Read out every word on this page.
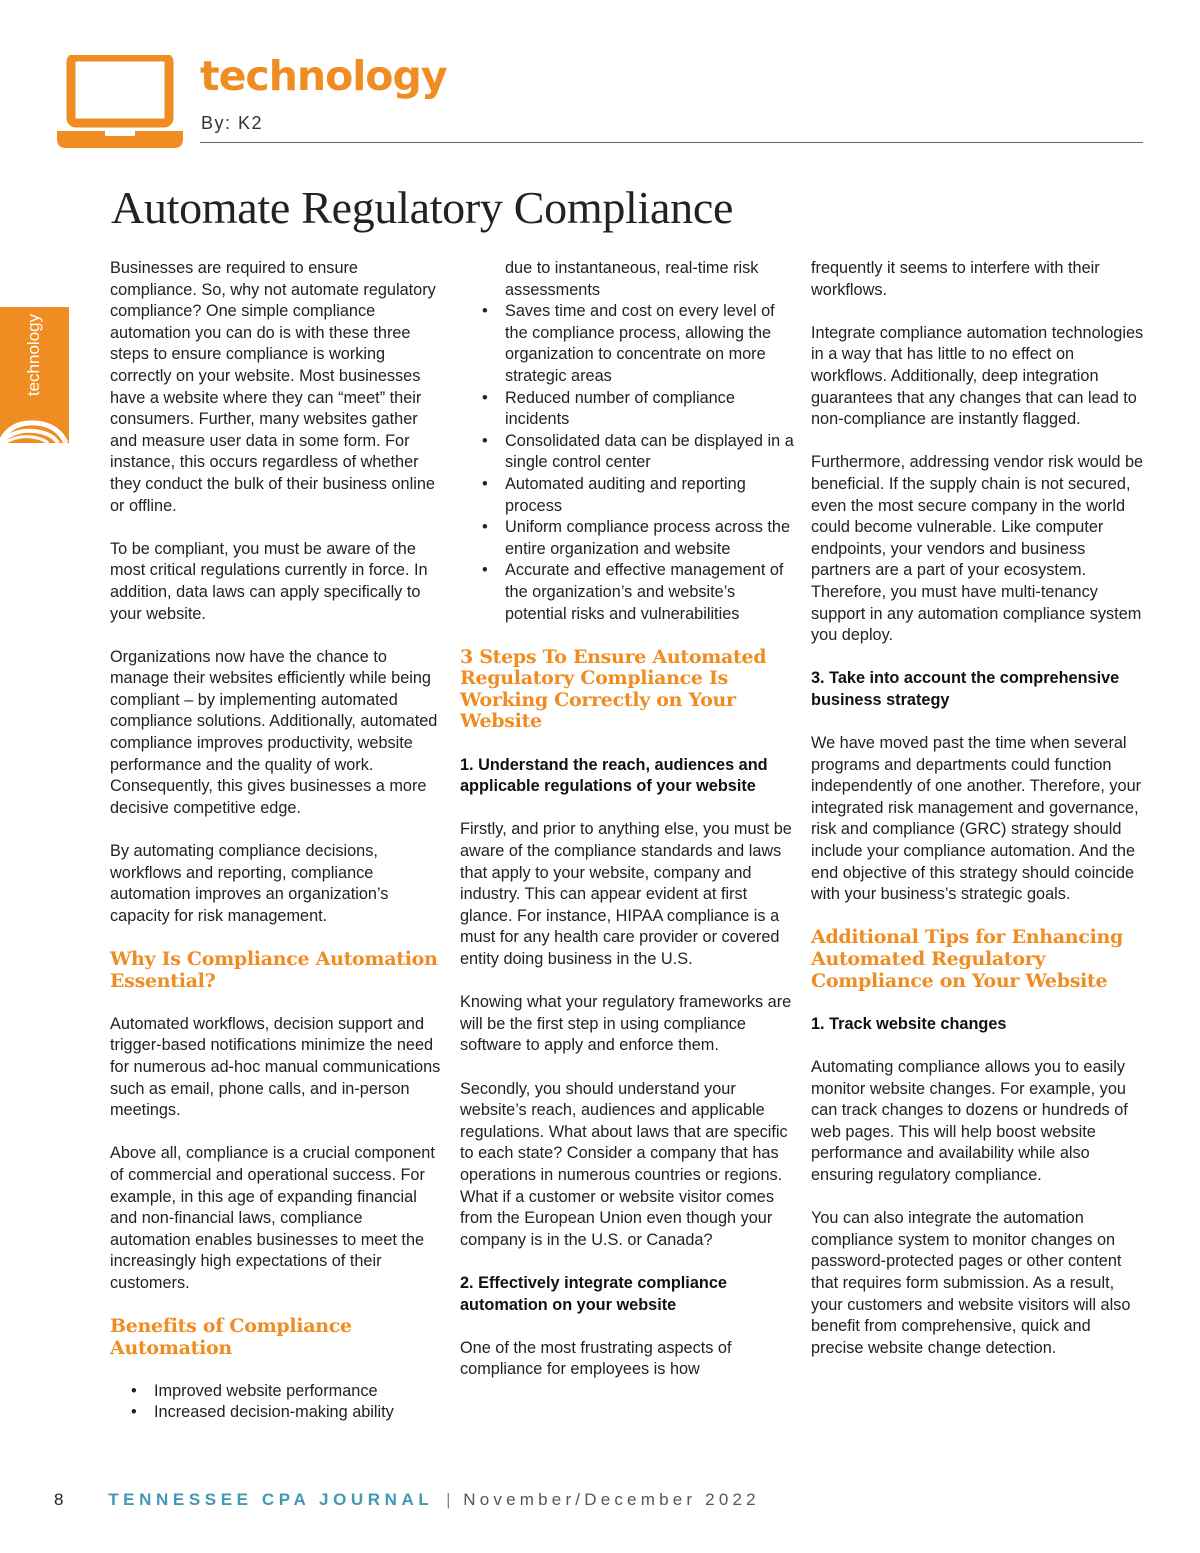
technology
By: K2
technology
Automate Regulatory Compliance

Businesses are required to ensure compliance. So, why not automate regulatory compliance? One simple compliance automation you can do is with these three steps to ensure compliance is working correctly on your website. Most businesses have a website where they can “meet” their consumers. Further, many websites gather and measure user data in some form. For instance, this occurs regardless of whether they conduct the bulk of their business online or offline.

To be compliant, you must be aware of the most critical regulations currently in force. In addition, data laws can apply specifically to your website.

Organizations now have the chance to manage their websites efficiently while being compliant – by implementing automated compliance solutions. Additionally, automated compliance improves productivity, website performance and the quality of work. Consequently, this gives businesses a more decisive competitive edge.

By automating compliance decisions, workflows and reporting, compliance automation improves an organization’s capacity for risk management.

Why Is Compliance Automation Essential?

Automated workflows, decision support and trigger-based notifications minimize the need for numerous ad-hoc manual communications such as email, phone calls, and in-person meetings.

Above all, compliance is a crucial component of commercial and operational success. For example, in this age of expanding financial and non-financial laws, compliance automation enables businesses to meet the increasingly high expectations of their customers.

Benefits of Compliance Automation
• Improved website performance
• Increased decision-making ability

due to instantaneous, real-time risk assessments

• Saves time and cost on every level of the compliance process, allowing the organization to concentrate on more strategic areas
• Reduced number of compliance incidents
• Consolidated data can be displayed in a single control center
• Automated auditing and reporting process
• Uniform compliance process across the entire organization and website
• Accurate and effective management of the organization’s and website’s potential risks and vulnerabilities
3 Steps To Ensure Automated Regulatory Compliance Is Working Correctly on Your Website
1. Understand the reach, audiences and applicable regulations of your website

Firstly, and prior to anything else, you must be aware of the compliance standards and laws that apply to your website, company and industry. This can appear evident at first glance. For instance, HIPAA compliance is a must for any health care provider or covered entity doing business in the U.S.

Knowing what your regulatory frameworks are will be the first step in using compliance software to apply and enforce them.

Secondly, you should understand your website’s reach, audiences and applicable regulations. What about laws that are specific to each state? Consider a company that has operations in numerous countries or regions. What if a customer or website visitor comes from the European Union even though your company is in the U.S. or Canada?

2. Effectively integrate compliance automation on your website

One of the most frustrating aspects of compliance for employees is how

frequently it seems to interfere with their workflows.

Integrate compliance automation technologies in a way that has little to no effect on workflows. Additionally, deep integration guarantees that any changes that can lead to non-compliance are instantly flagged.

Furthermore, addressing vendor risk would be beneficial. If the supply chain is not secured, even the most secure company in the world could become vulnerable. Like computer endpoints, your vendors and business partners are a part of your ecosystem. Therefore, you must have multi-tenancy support in any automation compliance system you deploy.

3. Take into account the comprehensive business strategy

We have moved past the time when several programs and departments could function independently of one another. Therefore, your integrated risk management and governance, risk and compliance (GRC) strategy should include your compliance automation. And the end objective of this strategy should coincide with your business’s strategic goals.

Additional Tips for Enhancing Automated Regulatory Compliance on Your Website
1. Track website changes

Automating compliance allows you to easily monitor website changes. For example, you can track changes to dozens or hundreds of web pages. This will help boost website performance and availability while also ensuring regulatory compliance.

You can also integrate the automation compliance system to monitor changes on password-protected pages or other content that requires form submission. As a result, your customers and website visitors will also benefit from comprehensive, quick and precise website change detection.

8	TENNESSEE CPA JOURNAL | November/December 2022
